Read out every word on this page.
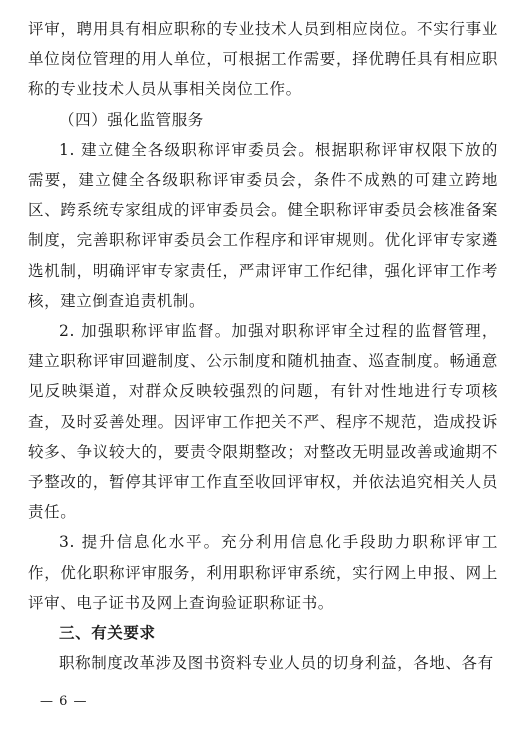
评审，聘用具有相应职称的专业技术人员到相应岗位。不实行事业单位岗位管理的用人单位，可根据工作需要，择优聘任具有相应职称的专业技术人员从事相关岗位工作。

（四）强化监管服务

1. 建立健全各级职称评审委员会。根据职称评审权限下放的需要，建立健全各级职称评审委员会，条件不成熟的可建立跨地区、跨系统专家组成的评审委员会。健全职称评审委员会核准备案制度，完善职称评审委员会工作程序和评审规则。优化评审专家遴选机制，明确评审专家责任，严肃评审工作纪律，强化评审工作考核，建立倒查追责机制。

2. 加强职称评审监督。加强对职称评审全过程的监督管理，建立职称评审回避制度、公示制度和随机抽查、巡查制度。畅通意见反映渠道，对群众反映较强烈的问题，有针对性地进行专项核查，及时妥善处理。因评审工作把关不严、程序不规范，造成投诉较多、争议较大的，要责令限期整改；对整改无明显改善或逾期不予整改的，暂停其评审工作直至收回评审权，并依法追究相关人员责任。

3. 提升信息化水平。充分利用信息化手段助力职称评审工作，优化职称评审服务，利用职称评审系统，实行网上申报、网上评审、电子证书及网上查询验证职称证书。

三、有关要求

职称制度改革涉及图书资料专业人员的切身利益，各地、各有

— 6 —
